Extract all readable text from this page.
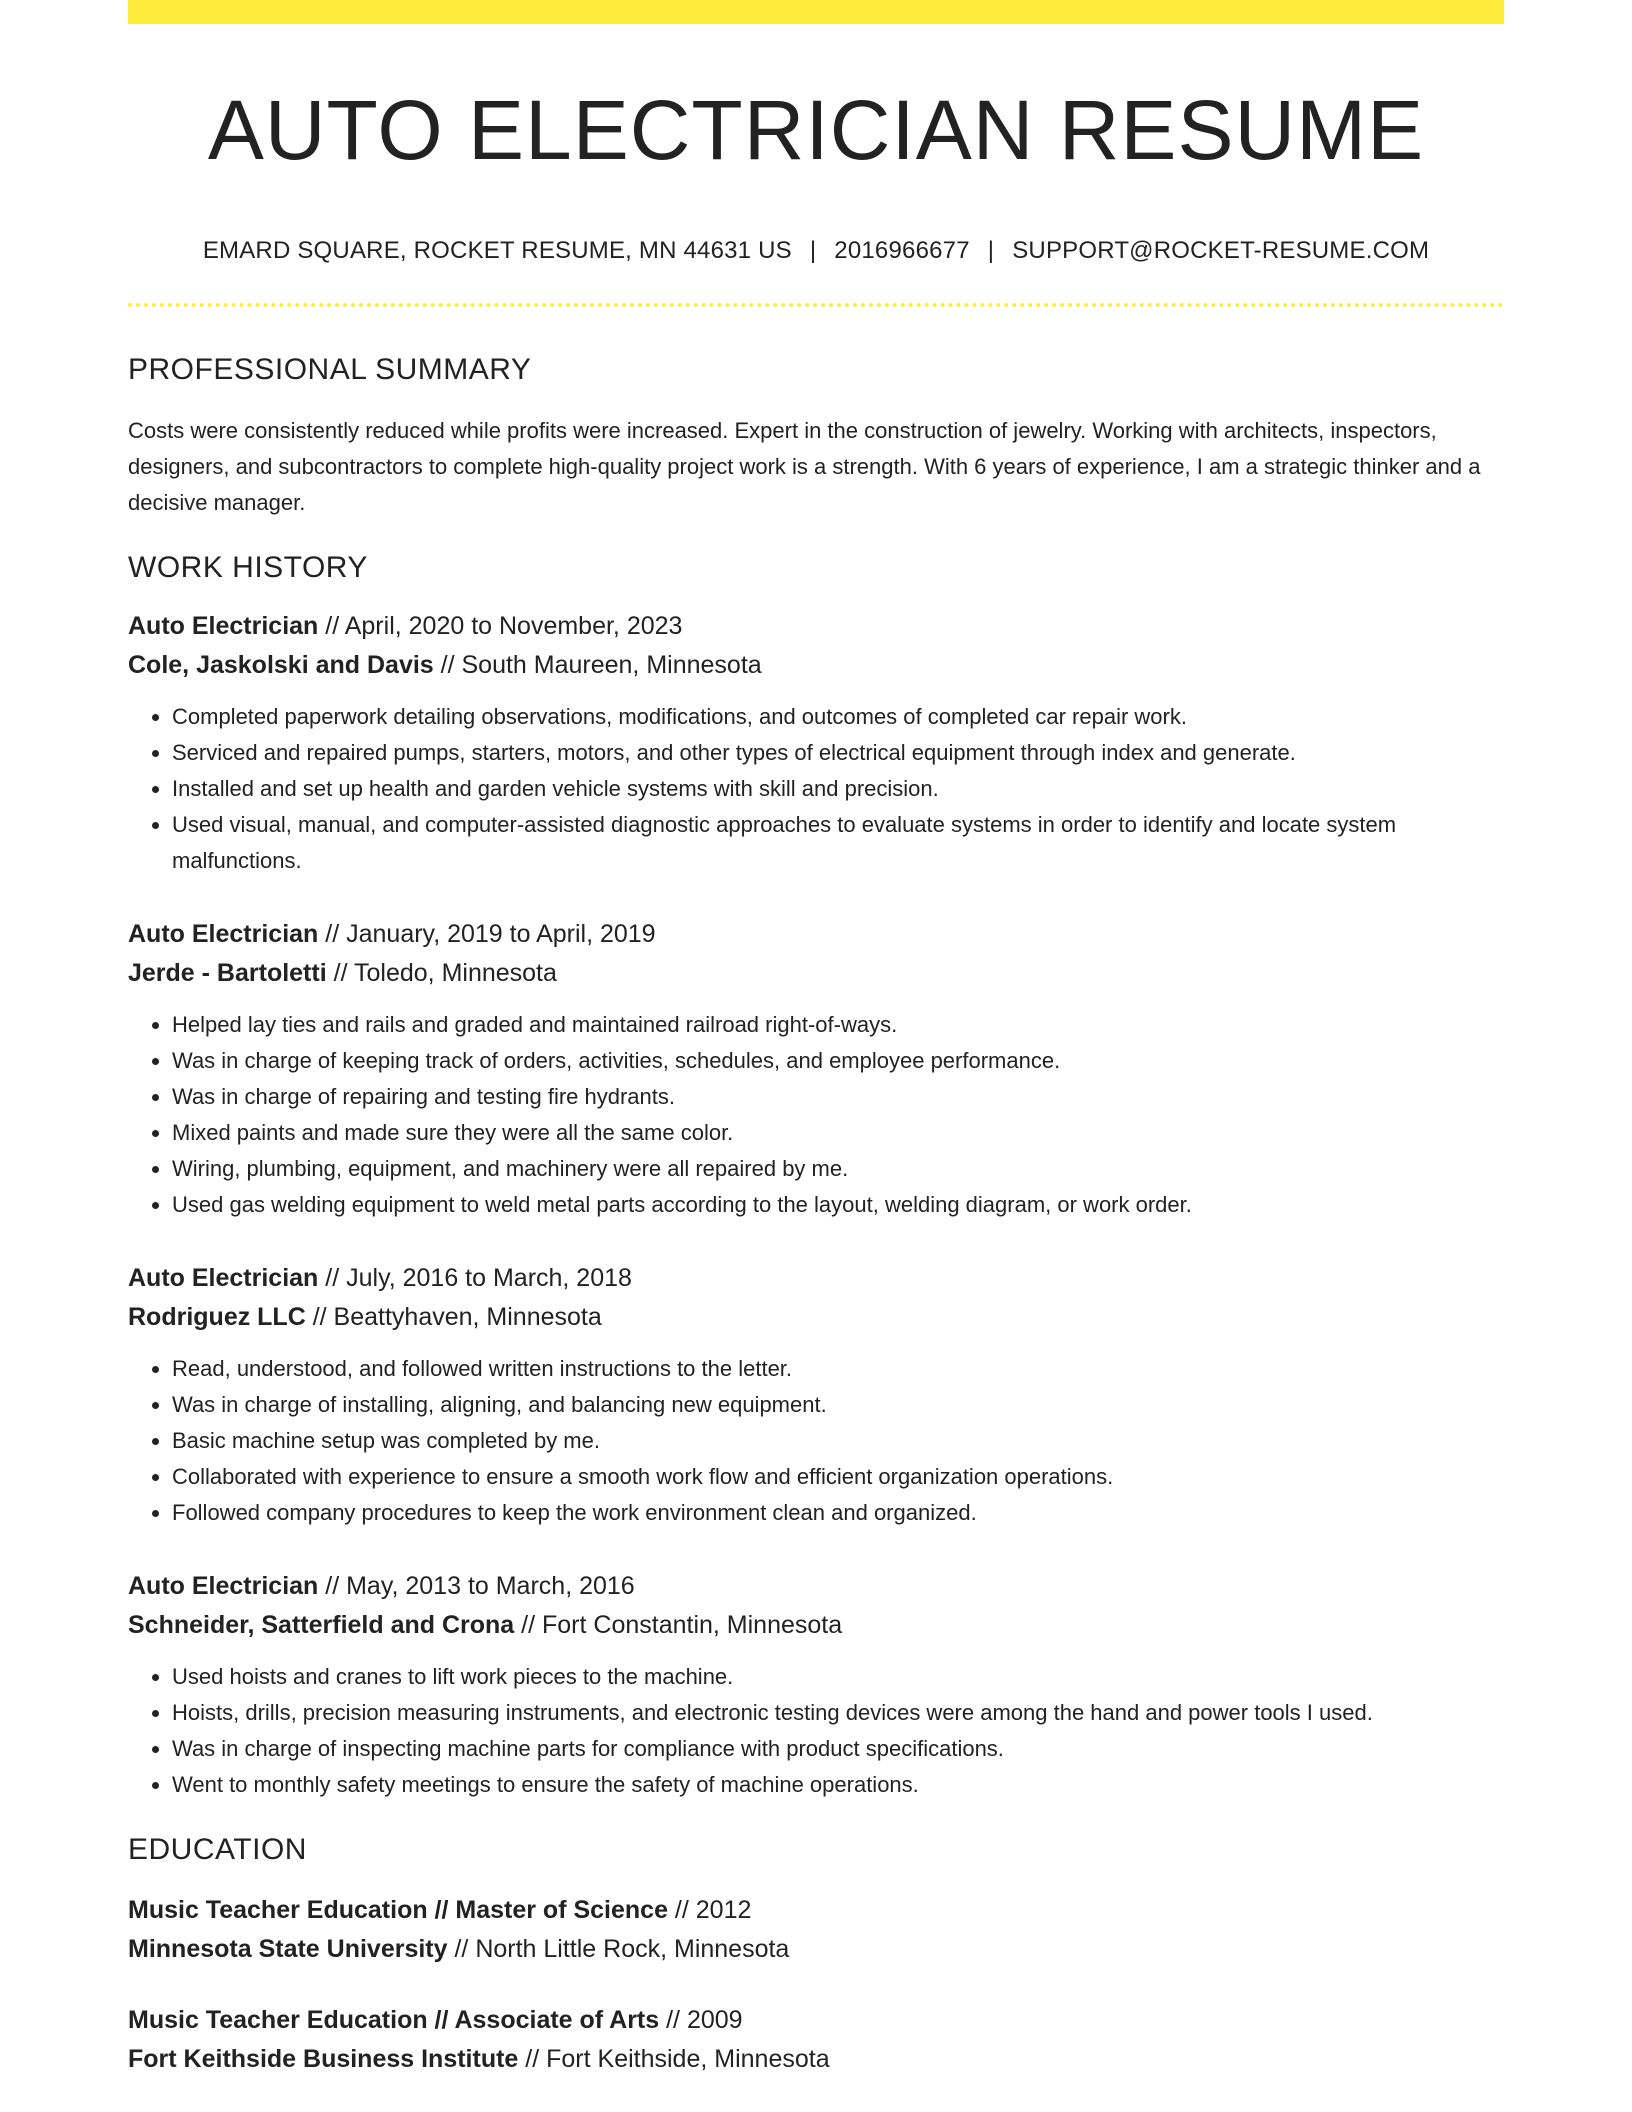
AUTO ELECTRICIAN RESUME
EMARD SQUARE, ROCKET RESUME, MN 44631 US | 2016966677 | SUPPORT@ROCKET-RESUME.COM
PROFESSIONAL SUMMARY
Costs were consistently reduced while profits were increased. Expert in the construction of jewelry. Working with architects, inspectors, designers, and subcontractors to complete high-quality project work is a strength. With 6 years of experience, I am a strategic thinker and a decisive manager.
WORK HISTORY
Auto Electrician // April, 2020 to November, 2023
Cole, Jaskolski and Davis // South Maureen, Minnesota
• Completed paperwork detailing observations, modifications, and outcomes of completed car repair work.
• Serviced and repaired pumps, starters, motors, and other types of electrical equipment through index and generate.
• Installed and set up health and garden vehicle systems with skill and precision.
• Used visual, manual, and computer-assisted diagnostic approaches to evaluate systems in order to identify and locate system malfunctions.
Auto Electrician // January, 2019 to April, 2019
Jerde - Bartoletti // Toledo, Minnesota
• Helped lay ties and rails and graded and maintained railroad right-of-ways.
• Was in charge of keeping track of orders, activities, schedules, and employee performance.
• Was in charge of repairing and testing fire hydrants.
• Mixed paints and made sure they were all the same color.
• Wiring, plumbing, equipment, and machinery were all repaired by me.
• Used gas welding equipment to weld metal parts according to the layout, welding diagram, or work order.
Auto Electrician // July, 2016 to March, 2018
Rodriguez LLC // Beattyhaven, Minnesota
• Read, understood, and followed written instructions to the letter.
• Was in charge of installing, aligning, and balancing new equipment.
• Basic machine setup was completed by me.
• Collaborated with experience to ensure a smooth work flow and efficient organization operations.
• Followed company procedures to keep the work environment clean and organized.
Auto Electrician // May, 2013 to March, 2016
Schneider, Satterfield and Crona // Fort Constantin, Minnesota
• Used hoists and cranes to lift work pieces to the machine.
• Hoists, drills, precision measuring instruments, and electronic testing devices were among the hand and power tools I used.
• Was in charge of inspecting machine parts for compliance with product specifications.
• Went to monthly safety meetings to ensure the safety of machine operations.
EDUCATION
Music Teacher Education // Master of Science // 2012
Minnesota State University // North Little Rock, Minnesota
Music Teacher Education // Associate of Arts // 2009
Fort Keithside Business Institute // Fort Keithside, Minnesota
